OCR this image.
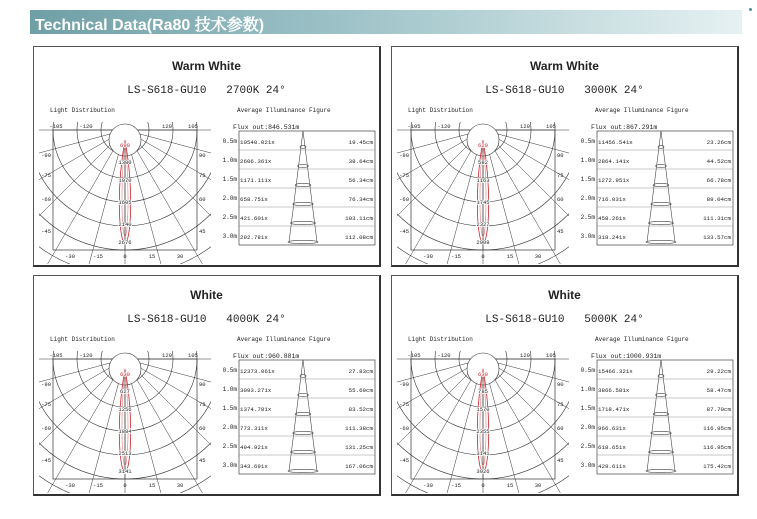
Technical Data(Ra80 技术参数)
Warm White
LS-S618-GU10   2700K 24°
Light Distribution	Average Illuminance Figure
Flux out:846.531m
690
1380
1070
1605
2140
2676
-105	-120	120	105
-90
-75
-60
-45
90
75
60
45
-30	-15	0	15	30
0.5m 10540.021x	19.45cm
1.0m 2606.361x	38.64cm
1.5m 1171.111x	56.34cm
2.0m 658.751x	76.34cm
2.5m 421.601x	103.11cm
3.0m 292.781x	112.08cm
Warm White
LS-S618-GU10   3000K 24°
Light Distribution	Average Illuminance Figure
Flux out:867.291m
620
582
1163
1745
2327
2909
-105	-120	120	105
-90
-75
-60
-45
90
75
60
45
-30	-15	0	15	30
0.5m 11456.541x	23.26cm
1.0m 2864.141x	44.52cm
1.5m 1272.951x	66.78cm
2.0m 716.031x	89.04cm
2.5m 458.261x	111.31cm
3.0m 318.241x	133.57cm
White
LS-S618-GU10   4000K 24°
Light Distribution	Average Illuminance Figure
Flux out:960.881m
630
627
1256
1884
2513
3141
-105	-120	120	105
-90
-75
-60
-45
90
75
60
45
-30	-15	0	15	30
0.5m 12373.061x	27.83cm
1.0m 3093.271x	55.69cm
1.5m 1374.781x	83.52cm
2.0m 773.311x	111.38cm
2.5m 494.921x	131.25cm
3.0m 343.691x	167.06cm
White
LS-S618-GU10   5000K 24°
Light Distribution	Average Illuminance Figure
Flux out:1000.931m
630
785
1570
2355
3141
3926
-105	-120	120	105
-90
-75
-60
-45
90
75
60
45
-30	-15	0	15	30
0.5m 15466.321x	29.22cm
1.0m 3866.581x	58.47cm
1.5m 1718.471x	87.70cm
2.0m 966.631x	116.95cm
2.5m 618.651x	116.95cm
3.0m 429.611x	175.42cm
